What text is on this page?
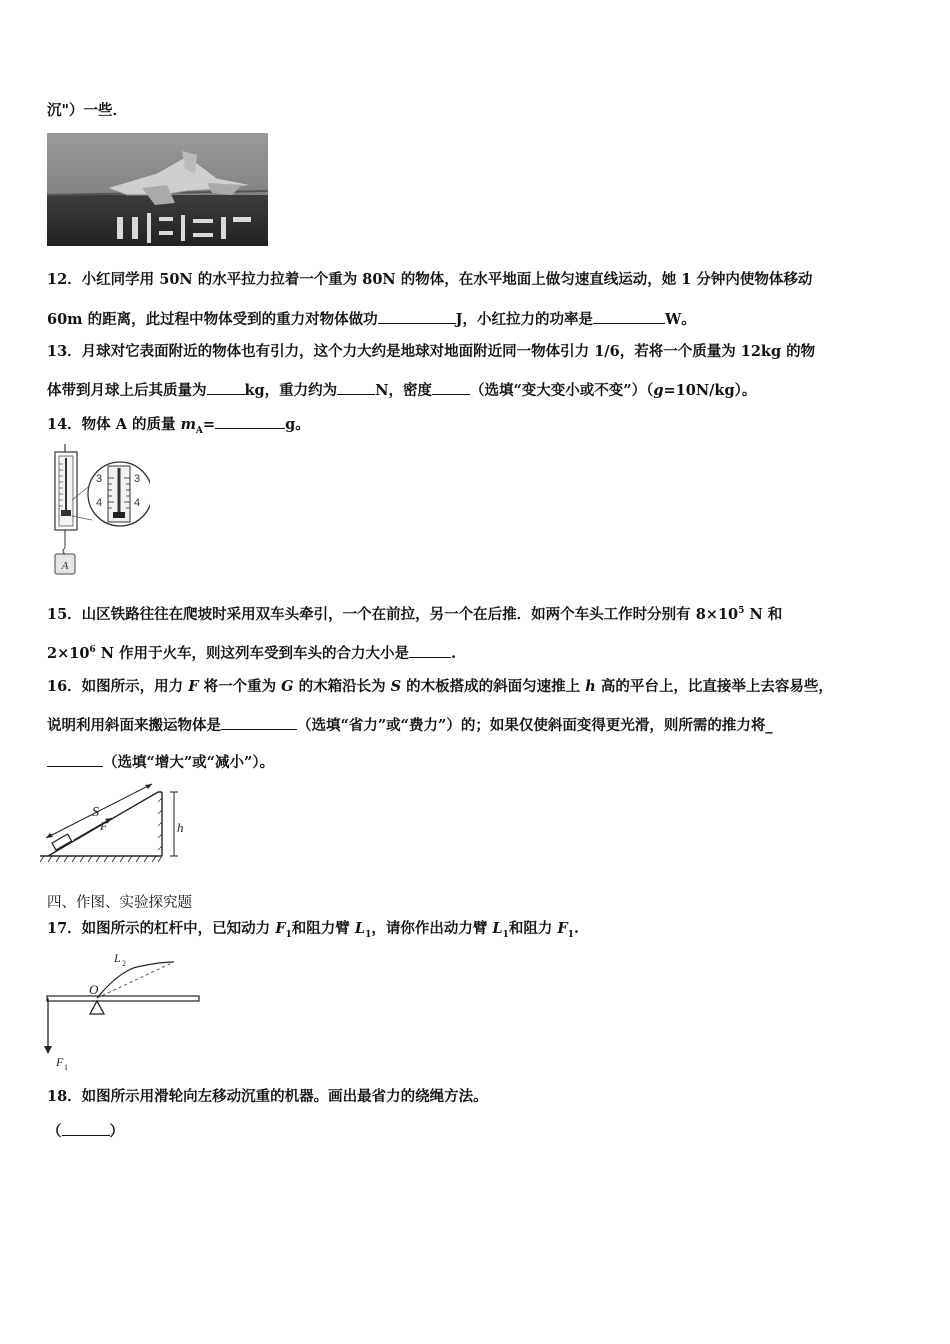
沉"）一些．
12．小红同学用 50N 的水平拉力拉着一个重为 80N 的物体，在水平地面上做匀速直线运动，她 1 分钟内使物体移动
60m 的距离，此过程中物体受到的重力对物体做功	J，小红拉力的功率是	W。
13．月球对它表面附近的物体也有引力，这个力大约是地球对地面附近同一物体引力 1/6，若将一个质量为 12kg 的物
体带到月球上后其质量为	kg，重力约为	N，密度	（选填“变大变小或不变”）（g=10N/kg）。
14．物体 A 的质量 $m_A=$	g。
3
4
3
4
A
15．山区铁路往往在爬坡时采用双车头牵引，一个在前拉，另一个在后推．如两个车头工作时分别有 $8\times 10^5$ N 和
$2\times 10^6$ N 作用于火车，则这列车受到车头的合力大小是	.
16．如图所示，用力 F 将一个重为 G 的木箱沿长为 S 的木板搭成的斜面匀速推上 h 高的平台上，比直接举上去容易些，
说明利用斜面来搬运物体是	（选填“省力”或“费力”）的；如果仅使斜面变得更光滑，则所需的推力将_
（选填“增大”或“减小”）。
S
F	h
四、作图、实验探究题
17．如图所示的杠杆中，已知动力 $F_1$和阻力臂 $L_1$，请你作出动力臂 $L_1$和阻力 $F_1$.
L 2
O
F 1
18．如图所示用滑轮向左移动沉重的机器。画出最省力的绕绳方法。
（	）
